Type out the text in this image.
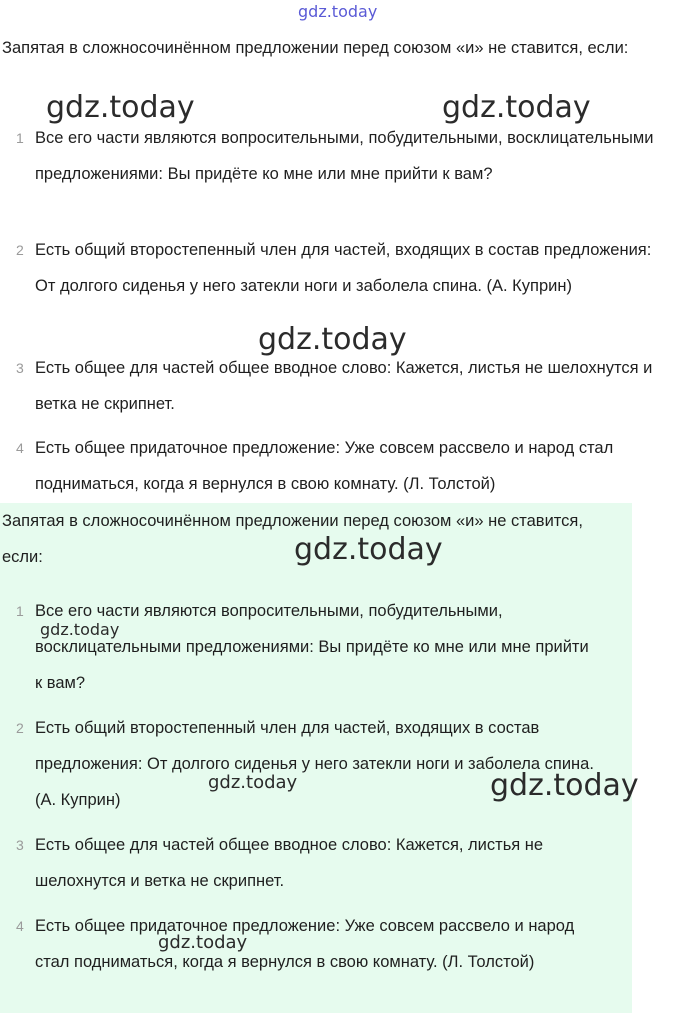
gdz.today
gdz.today	gdz.today
gdz.today
gdz.today
gdz.today
gdz.today	gdz.today
gdz.today

Запятая в сложносочинённом предложении перед союзом «и» не ставится, если:

1 Все его части являются вопросительными, побудительными, восклицательными предложениями: Вы придёте ко мне или мне прийти к вам?

2 Есть общий второстепенный член для частей, входящих в состав предложения: От долгого сиденья у него затекли ноги и заболела спина. (А. Куприн)

3 Есть общее для частей общее вводное слово: Кажется, листья не шелохнутся и ветка не скрипнет.

4 Есть общее придаточное предложение: Уже совсем рассвело и народ стал подниматься, когда я вернулся в свою комнату. (Л. Толстой)

Запятая в сложносочинённом предложении перед союзом «и» не ставится, если:

1 Все его части являются вопросительными, побудительными, восклицательными предложениями: Вы придёте ко мне или мне прийти к вам?

2 Есть общий второстепенный член для частей, входящих в состав предложения: От долгого сиденья у него затекли ноги и заболела спина. (А. Куприн)

3 Есть общее для частей общее вводное слово: Кажется, листья не шелохнутся и ветка не скрипнет.

4 Есть общее придаточное предложение: Уже совсем рассвело и народ стал подниматься, когда я вернулся в свою комнату. (Л. Толстой)
